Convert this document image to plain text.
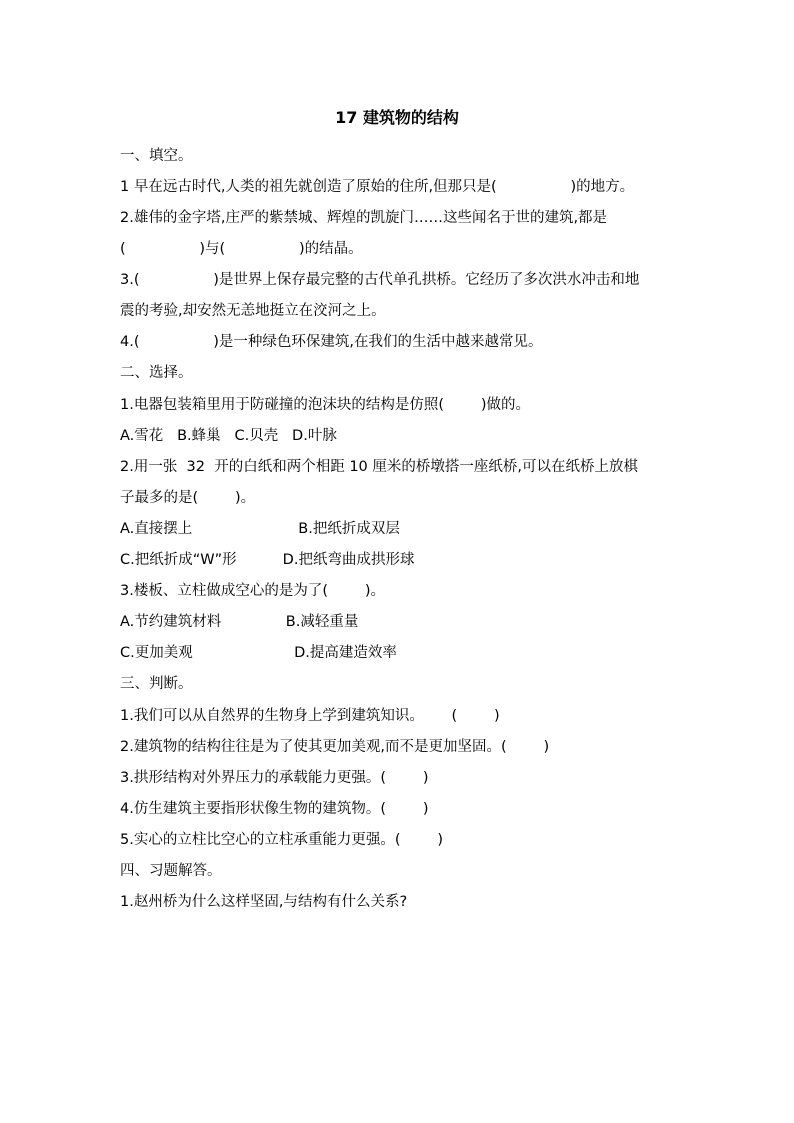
17 建筑物的结构
一、填空。
1 早在远古时代,人类的祖先就创造了原始的住所,但那只是(                )的地方。
2.雄伟的金字塔,庄严的紫禁城、辉煌的凯旋门……这些闻名于世的建筑,都是
(                )与(                )的结晶。
3.(                )是世界上保存最完整的古代单孔拱桥。它经历了多次洪水冲击和地
震的考验,却安然无恙地挺立在洨河之上。
4.(                )是一种绿色环保建筑,在我们的生活中越来越常见。
二、选择。
1.电器包装箱里用于防碰撞的泡沫块的结构是仿照(        )做的。
A.雪花   B.蜂巢   C.贝壳   D.叶脉
2.用一张  32  开的白纸和两个相距 10 厘米的桥墩搭一座纸桥,可以在纸桥上放棋
子最多的是(        )。
A.直接摆上                       B.把纸折成双层
C.把纸折成“W”形          D.把纸弯曲成拱形球
3.楼板、立柱做成空心的是为了(        )。
A.节约建筑材料              B.减轻重量
C.更加美观                      D.提高建造效率
三、判断。
1.我们可以从自然界的生物身上学到建筑知识。      (        )
2.建筑物的结构往往是为了使其更加美观,而不是更加坚固。(        )
3.拱形结构对外界压力的承载能力更强。(        )
4.仿生建筑主要指形状像生物的建筑物。(        )
5.实心的立柱比空心的立柱承重能力更强。(        )
四、习题解答。
1.赵州桥为什么这样坚固,与结构有什么关系?
